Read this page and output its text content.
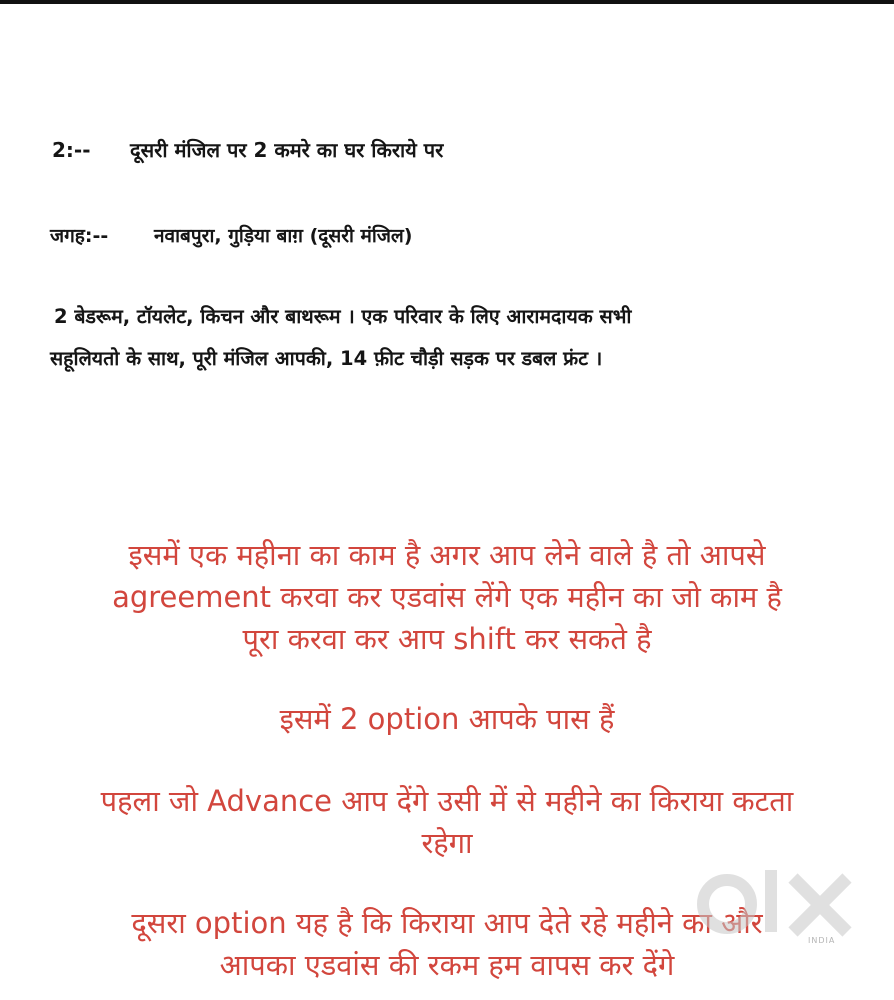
2:-- दूसरी मंजिल पर 2 कमरे का घर किराये पर
जगह:-- नवाबपुरा, गुड़िया बाग़ (दूसरी मंजिल)
2 बेडरूम, टॉयलेट, किचन और बाथरूम । एक परिवार के लिए आरामदायक सभी
सहूलियतो के साथ, पूरी मंजिल आपकी, 14 फ़ीट चौड़ी सड़क पर डबल फ्रंट ।
इसमें एक महीना का काम है अगर आप लेने वाले है तो आपसे
agreement करवा कर एडवांस लेंगे एक महीन का जो काम है
पूरा करवा कर आप shift कर सकते है
इसमें 2 option आपके पास हैं
पहला जो Advance आप देंगे उसी में से महीने का किराया कटता
रहेगा
दूसरा option यह है कि किराया आप देते रहे महीने का और
आपका एडवांस की रकम हम वापस कर देंगे
INDIA
